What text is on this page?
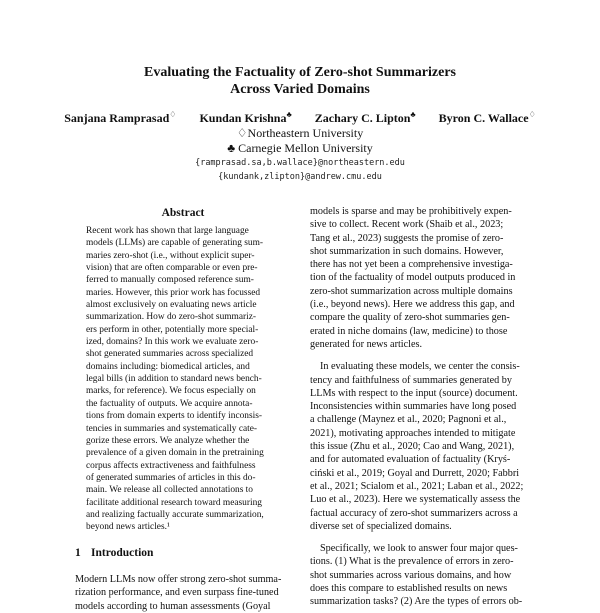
Evaluating the Factuality of Zero-shot Summarizers
Across Varied Domains
Sanjana Ramprasad♢ Kundan Krishna♣ Zachary C. Lipton♣ Byron C. Wallace♢
♢Northeastern University
♣ Carnegie Mellon University
{ramprasad.sa,b.wallace}@northeastern.edu
{kundank,zlipton}@andrew.cmu.edu
Abstract
Recent work has shown that large language
models (LLMs) are capable of generating sum-
maries zero-shot (i.e., without explicit super-
vision) that are often comparable or even pre-
ferred to manually composed reference sum-
maries. However, this prior work has focussed
almost exclusively on evaluating news article
summarization. How do zero-shot summariz-
ers perform in other, potentially more special-
ized, domains? In this work we evaluate zero-
shot generated summaries across specialized
domains including: biomedical articles, and
legal bills (in addition to standard news bench-
marks, for reference). We focus especially on
the factuality of outputs. We acquire annota-
tions from domain experts to identify inconsis-
tencies in summaries and systematically cate-
gorize these errors. We analyze whether the
prevalence of a given domain in the pretraining
corpus affects extractiveness and faithfulness
of generated summaries of articles in this do-
main. We release all collected annotations to
facilitate additional research toward measuring
and realizing factually accurate summarization,
beyond news articles.¹
1 Introduction
Modern LLMs now offer strong zero-shot summa-
rization performance, and even surpass fine-tuned
models according to human assessments (Goyal
models is sparse and may be prohibitively expen-
sive to collect. Recent work (Shaib et al., 2023;
Tang et al., 2023) suggests the promise of zero-
shot summarization in such domains. However,
there has not yet been a comprehensive investiga-
tion of the factuality of model outputs produced in
zero-shot summarization across multiple domains
(i.e., beyond news). Here we address this gap, and
compare the quality of zero-shot summaries gen-
erated in niche domains (law, medicine) to those
generated for news articles.
In evaluating these models, we center the consis-
tency and faithfulness of summaries generated by
LLMs with respect to the input (source) document.
Inconsistencies within summaries have long posed
a challenge (Maynez et al., 2020; Pagnoni et al.,
2021), motivating approaches intended to mitigate
this issue (Zhu et al., 2020; Cao and Wang, 2021),
and for automated evaluation of factuality (Kryś-
ciński et al., 2019; Goyal and Durrett, 2020; Fabbri
et al., 2021; Scialom et al., 2021; Laban et al., 2022;
Luo et al., 2023). Here we systematically assess the
factual accuracy of zero-shot summarizers across a
diverse set of specialized domains.
Specifically, we look to answer four major ques-
tions. (1) What is the prevalence of errors in zero-
shot summaries across various domains, and how
does this compare to established results on news
summarization tasks? (2) Are the types of errors ob-
